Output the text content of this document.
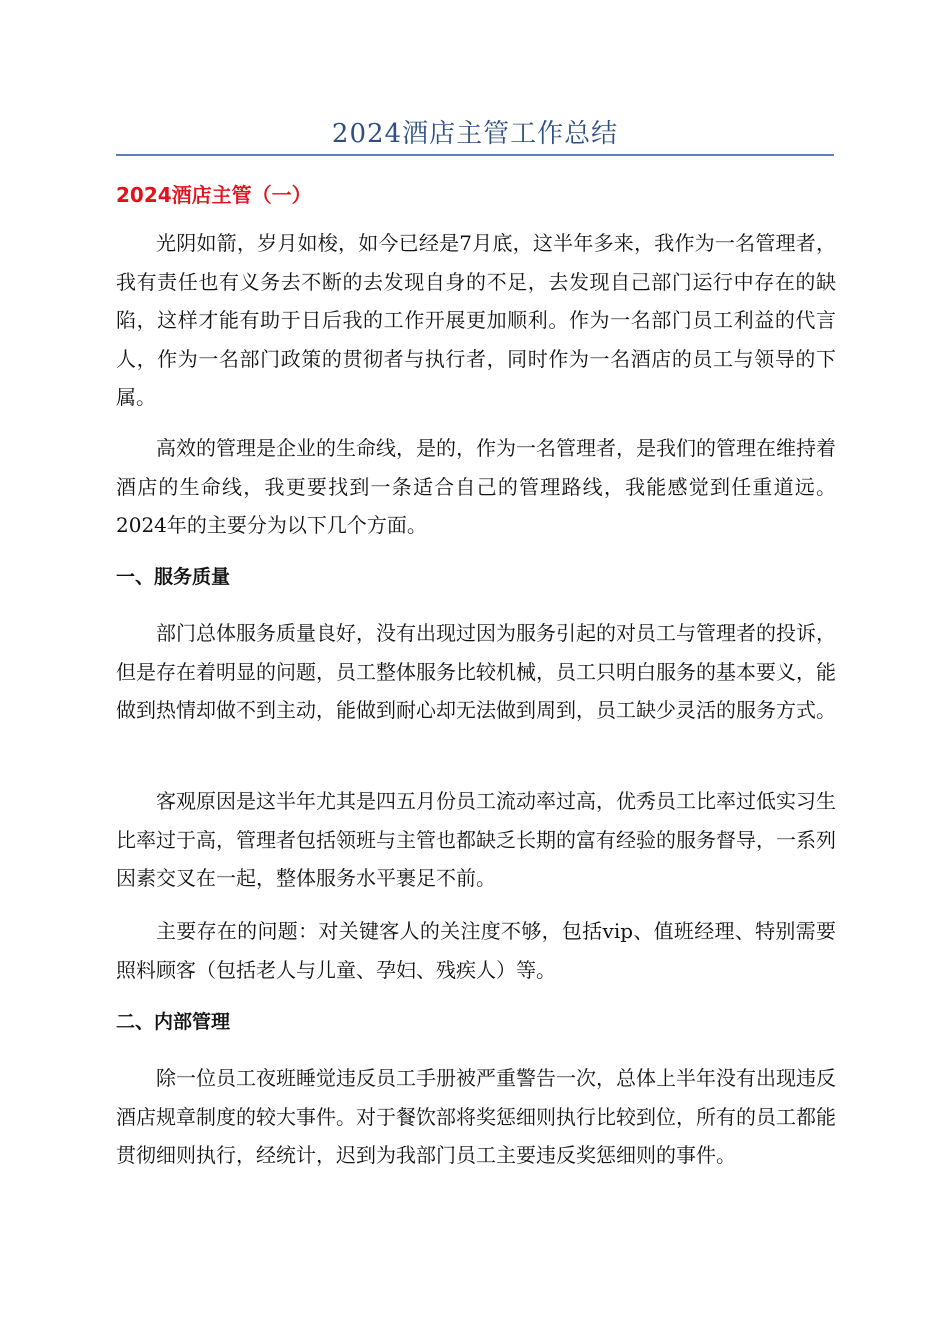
2024酒店主管工作总结
2024酒店主管（一）

光阴如箭，岁月如梭，如今已经是7月底，这半年多来，我作为一名管理者，我有责任也有义务去不断的去发现自身的不足，去发现自己部门运行中存在的缺陷，这样才能有助于日后我的工作开展更加顺利。作为一名部门员工利益的代言人，作为一名部门政策的贯彻者与执行者，同时作为一名酒店的员工与领导的下属。

高效的管理是企业的生命线，是的，作为一名管理者，是我们的管理在维持着酒店的生命线，我更要找到一条适合自己的管理路线，我能感觉到任重道远。2024年的主要分为以下几个方面。

一、服务质量

部门总体服务质量良好，没有出现过因为服务引起的对员工与管理者的投诉，但是存在着明显的问题，员工整体服务比较机械，员工只明白服务的基本要义，能做到热情却做不到主动，能做到耐心却无法做到周到，员工缺少灵活的服务方式。

客观原因是这半年尤其是四五月份员工流动率过高，优秀员工比率过低实习生比率过于高，管理者包括领班与主管也都缺乏长期的富有经验的服务督导，一系列因素交叉在一起，整体服务水平裹足不前。

主要存在的问题：对关键客人的关注度不够，包括vip、值班经理、特别需要照料顾客（包括老人与儿童、孕妇、残疾人）等。

二、内部管理

除一位员工夜班睡觉违反员工手册被严重警告一次，总体上半年没有出现违反酒店规章制度的较大事件。对于餐饮部将奖惩细则执行比较到位，所有的员工都能贯彻细则执行，经统计，迟到为我部门员工主要违反奖惩细则的事件。
